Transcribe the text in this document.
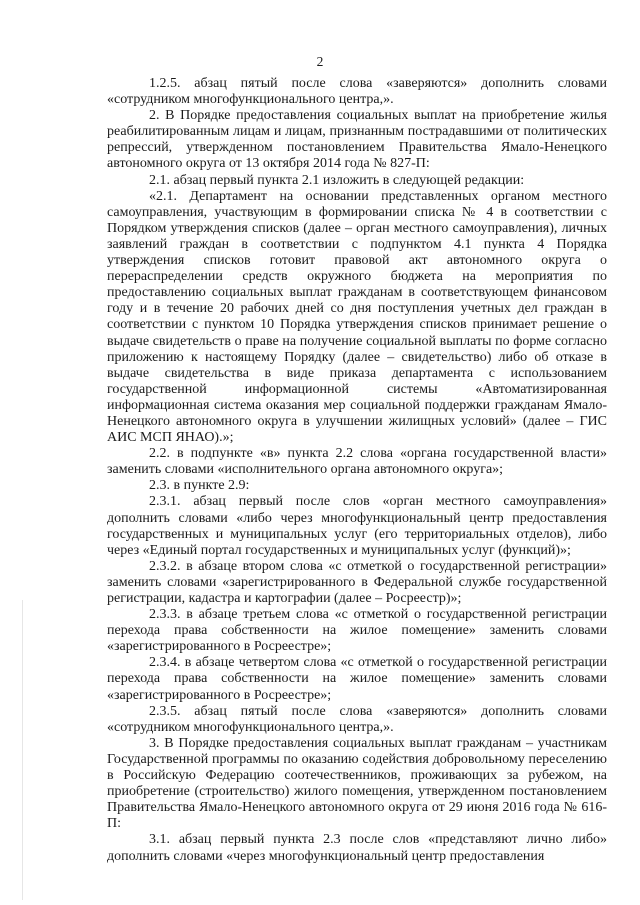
2

1.2.5. абзац пятый после слова «заверяются» дополнить словами «сотрудником многофункционального центра,».

2. В Порядке предоставления социальных выплат на приобретение жилья реабилитированным лицам и лицам, признанным пострадавшими от политических репрессий, утвержденном постановлением Правительства Ямало-Ненецкого автономного округа от 13 октября 2014 года № 827-П:

2.1. абзац первый пункта 2.1 изложить в следующей редакции:

«2.1. Департамент на основании представленных органом местного самоуправления, участвующим в формировании списка № 4 в соответствии с Порядком утверждения списков (далее – орган местного самоуправления), личных заявлений граждан в соответствии с подпунктом 4.1 пункта 4 Порядка утверждения списков готовит правовой акт автономного округа о перераспределении средств окружного бюджета на мероприятия по предоставлению социальных выплат гражданам в соответствующем финансовом году и в течение 20 рабочих дней со дня поступления учетных дел граждан в соответствии с пунктом 10 Порядка утверждения списков принимает решение о выдаче свидетельств о праве на получение социальной выплаты по форме согласно приложению к настоящему Порядку (далее – свидетельство) либо об отказе в выдаче свидетельства в виде приказа департамента с использованием государственной информационной системы «Автоматизированная информационная система оказания мер социальной поддержки гражданам Ямало-Ненецкого автономного округа в улучшении жилищных условий» (далее – ГИС АИС МСП ЯНАО).»;

2.2. в подпункте «в» пункта 2.2 слова «органа государственной власти» заменить словами «исполнительного органа автономного округа»;

2.3. в пункте 2.9:

2.3.1. абзац первый после слов «орган местного самоуправления» дополнить словами «либо через многофункциональный центр предоставления государственных и муниципальных услуг (его территориальных отделов), либо через «Единый портал государственных и муниципальных услуг (функций)»;

2.3.2. в абзаце втором слова «с отметкой о государственной регистрации» заменить словами «зарегистрированного в Федеральной службе государственной регистрации, кадастра и картографии (далее – Росреестр)»;

2.3.3. в абзаце третьем слова «с отметкой о государственной регистрации перехода права собственности на жилое помещение» заменить словами «зарегистрированного в Росреестре»;

2.3.4. в абзаце четвертом слова «с отметкой о государственной регистрации перехода права собственности на жилое помещение» заменить словами «зарегистрированного в Росреестре»;

2.3.5. абзац пятый после слова «заверяются» дополнить словами «сотрудником многофункционального центра,».

3. В Порядке предоставления социальных выплат гражданам – участникам Государственной программы по оказанию содействия добровольному переселению в Российскую Федерацию соотечественников, проживающих за рубежом, на приобретение (строительство) жилого помещения, утвержденном постановлением Правительства Ямало-Ненецкого автономного округа от 29 июня 2016 года № 616-П:

3.1. абзац первый пункта 2.3 после слов «представляют лично либо» дополнить словами «через многофункциональный центр предоставления
